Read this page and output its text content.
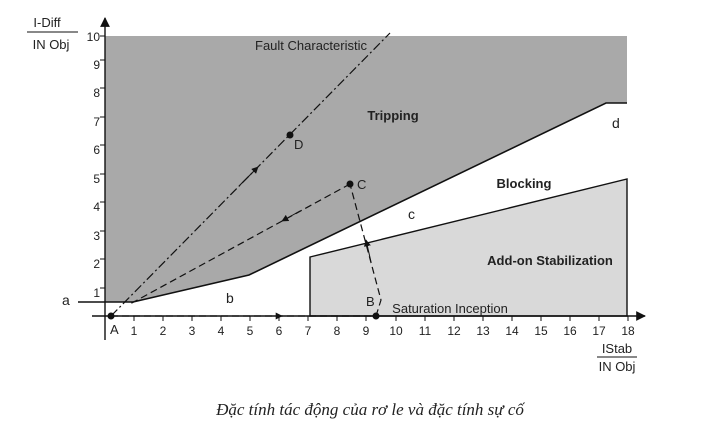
1
2
3
4
5
6
7
8
9
10
1 2 3 4 5 6 7 8 9 10 11 12 13 14 15 16 17 18
I-Diff
IN Obj
IStab
IN Obj
A
B
C
D
a	b
c
d
Tripping
Blocking
Add-on Stabilization
Fault Characteristic
Saturation Inception
Đặc tính tác động của rơ le và đặc tính sự cố
